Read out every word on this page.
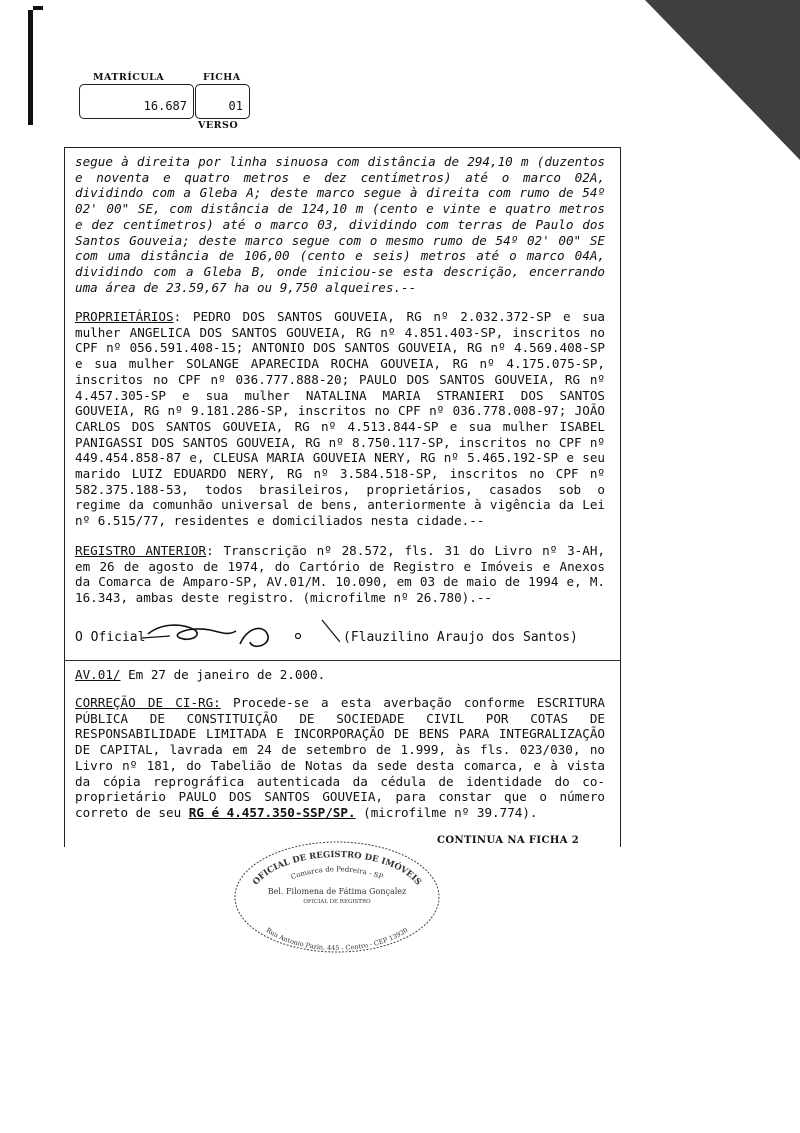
MATRÍCULA	FICHA
16.687	01
VERSO
segue à direita por linha sinuosa com distância de 294,10 m (duzentos e noventa e quatro metros e dez centímetros) até o marco 02A, dividindo com a Gleba A; deste marco segue à direita com rumo de 54º 02' 00" SE, com distância de 124,10 m (cento e vinte e quatro metros e dez centímetros) até o marco 03, dividindo com terras de Paulo dos Santos Gouveia; deste marco segue com o mesmo rumo de 54º 02' 00" SE com uma distância de 106,00 (cento e seis) metros até o marco 04A, dividindo com a Gleba B, onde iniciou-se esta descrição, encerrando uma área de 23.59,67 ha ou 9,750 alqueires.--
PROPRIETÁRIOS: PEDRO DOS SANTOS GOUVEIA, RG nº 2.032.372-SP e sua mulher ANGELICA DOS SANTOS GOUVEIA, RG nº 4.851.403-SP, inscritos no CPF nº 056.591.408-15; ANTONIO DOS SANTOS GOUVEIA, RG nº 4.569.408-SP e sua mulher SOLANGE APARECIDA ROCHA GOUVEIA, RG nº 4.175.075-SP, inscritos no CPF nº 036.777.888-20; PAULO DOS SANTOS GOUVEIA, RG nº 4.457.305-SP e sua mulher NATALINA MARIA STRANIERI DOS SANTOS GOUVEIA, RG nº 9.181.286-SP, inscritos no CPF nº 036.778.008-97; JOÃO CARLOS DOS SANTOS GOUVEIA, RG nº 4.513.844-SP e sua mulher ISABEL PANIGASSI DOS SANTOS GOUVEIA, RG nº 8.750.117-SP, inscritos no CPF nº 449.454.858-87 e, CLEUSA MARIA GOUVEIA NERY, RG nº 5.465.192-SP e seu marido LUIZ EDUARDO NERY, RG nº 3.584.518-SP, inscritos no CPF nº 582.375.188-53, todos brasileiros, proprietários, casados sob o regime da comunhão universal de bens, anteriormente à vigência da Lei nº 6.515/77, residentes e domiciliados nesta cidade.--
REGISTRO ANTERIOR: Transcrição nº 28.572, fls. 31 do Livro nº 3-AH, em 26 de agosto de 1974, do Cartório de Registro e Imóveis e Anexos da Comarca de Amparo-SP, AV.01/M. 10.090, em 03 de maio de 1994 e, M. 16.343, ambas deste registro. (microfilme nº 26.780).--
O Oficial	(Flauzilino Araujo dos Santos)
AV.01/ Em 27 de janeiro de 2.000.
CORREÇÃO DE CI-RG: Procede-se a esta averbação conforme ESCRITURA PÚBLICA DE CONSTITUIÇÃO DE SOCIEDADE CIVIL POR COTAS DE RESPONSABILIDADE LIMITADA E INCORPORAÇÃO DE BENS PARA INTEGRALIZAÇÃO DE CAPITAL, lavrada em 24 de setembro de 1.999, às fls. 023/030, no Livro nº 181, do Tabelião de Notas da sede desta comarca, e à vista da cópia reprográfica autenticada da cédula de identidade do co-proprietário PAULO DOS SANTOS GOUVEIA, para constar que o número correto de seu RG é 4.457.350-SSP/SP. (microfilme nº 39.774).
CONTINUA NA FICHA 2
OFICIAL DE REGISTRO DE IMÓVEIS
Comarca de Pedreira - SP
Bel. Filomena de Fátima Gonçalez
OFICIAL DE REGISTRO
Rua Antonio Pazin, 445 - Centro - CEP 13920
